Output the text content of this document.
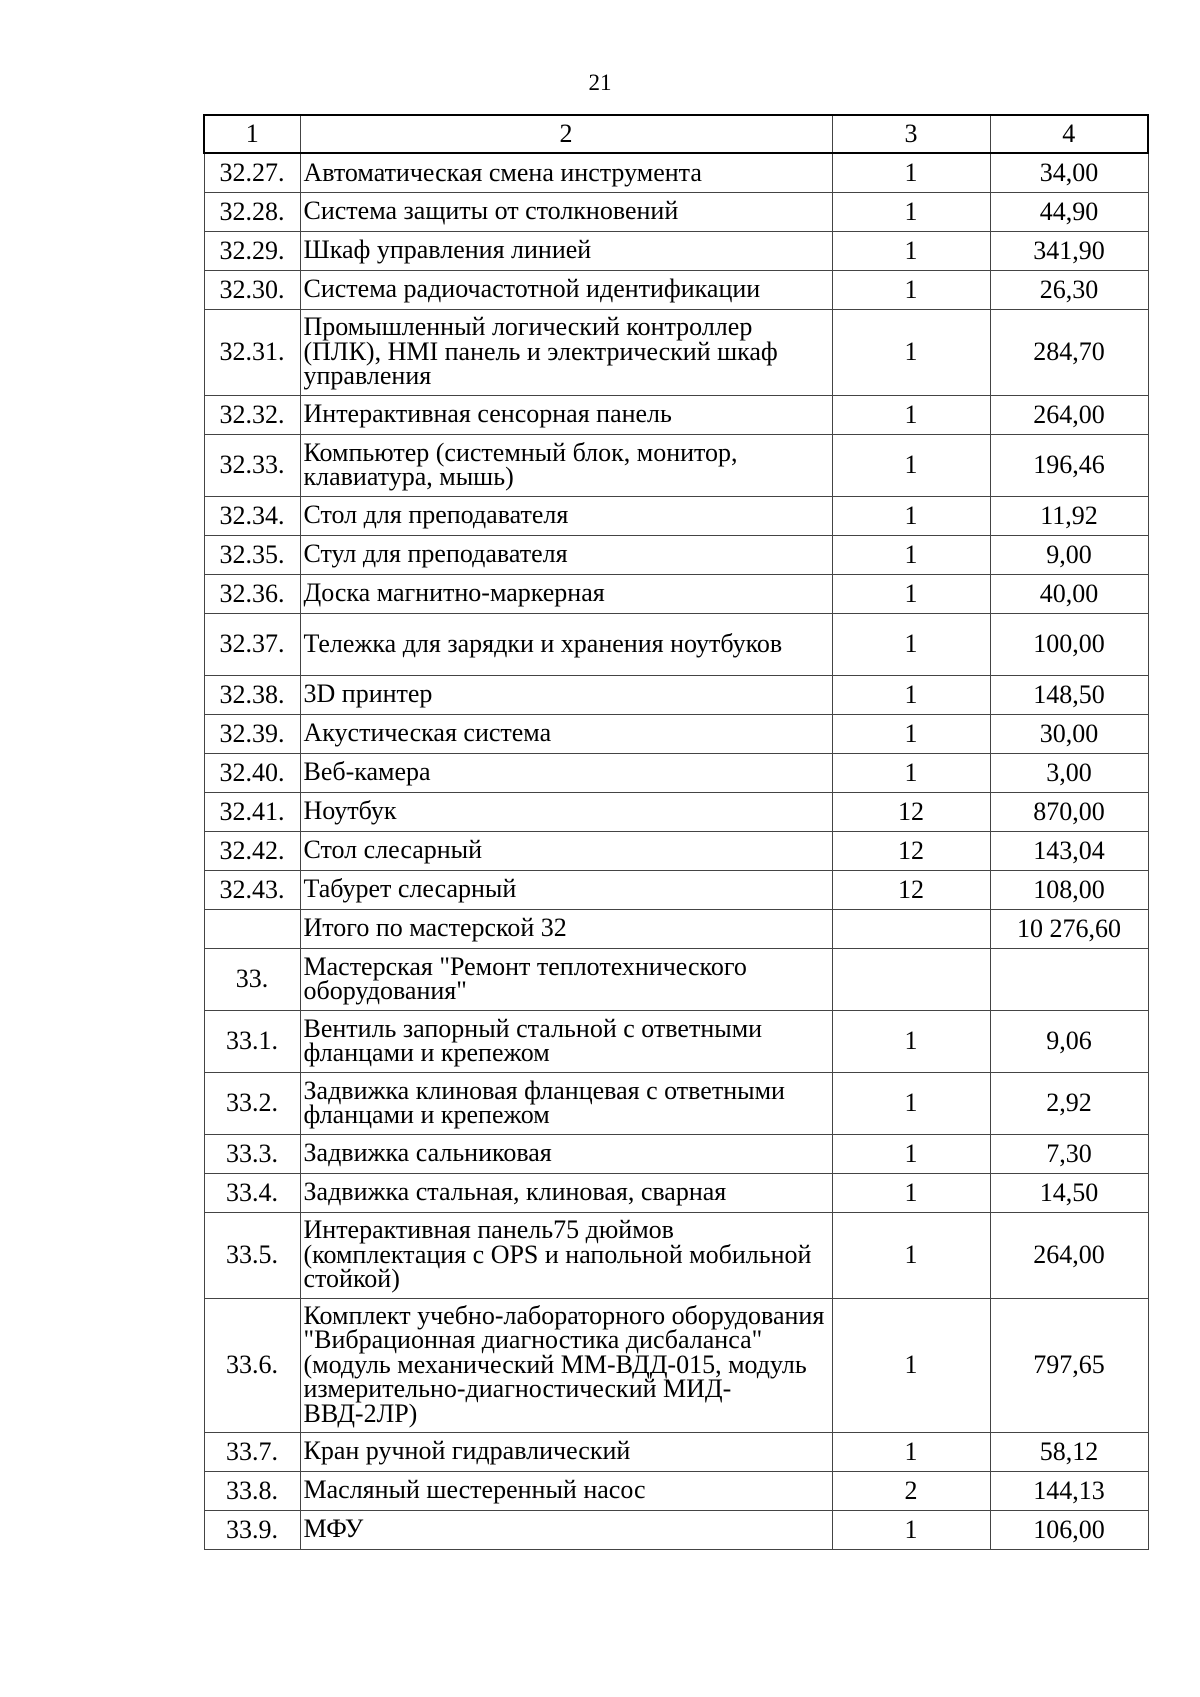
21
1	2	3	4
32.27.	Автоматическая смена инструмента	1	34,00
32.28.	Система защиты от столкновений	1	44,90
32.29.	Шкаф управления линией	1	341,90
32.30.	Система радиочастотной идентификации	1	26,30
32.31.	Промышленный логический контроллер (ПЛК), HMI панель и электрический шкаф управления	1	284,70
32.32.	Интерактивная сенсорная панель	1	264,00
32.33.	Компьютер (системный блок, монитор, клавиатура, мышь)	1	196,46
32.34.	Стол для преподавателя	1	11,92
32.35.	Стул для преподавателя	1	9,00
32.36.	Доска магнитно-маркерная	1	40,00
32.37.	Тележка для зарядки и хранения ноутбуков	1	100,00
32.38.	3D принтер	1	148,50
32.39.	Акустическая система	1	30,00
32.40.	Веб-камера	1	3,00
32.41.	Ноутбук	12	870,00
32.42.	Стол слесарный	12	143,04
32.43.	Табурет слесарный	12	108,00
	Итого по мастерской 32		10 276,60
33.	Мастерская "Ремонт теплотехнического оборудования"		
33.1.	Вентиль запорный стальной с ответными фланцами и крепежом	1	9,06
33.2.	Задвижка клиновая фланцевая с ответными фланцами и крепежом	1	2,92
33.3.	Задвижка сальниковая	1	7,30
33.4.	Задвижка стальная, клиновая, сварная	1	14,50
33.5.	Интерактивная панель75 дюймов (комплектация с OPS и напольной мобильной стойкой)	1	264,00
33.6.	Комплект учебно-лабораторного оборудования "Вибрационная диагностика дисбаланса" (модуль механический ММ-ВДД-015, модуль измерительно-диагностический МИД-ВВД-2ЛР)	1	797,65
33.7.	Кран ручной гидравлический	1	58,12
33.8.	Масляный шестеренный насос	2	144,13
33.9.	МФУ	1	106,00
